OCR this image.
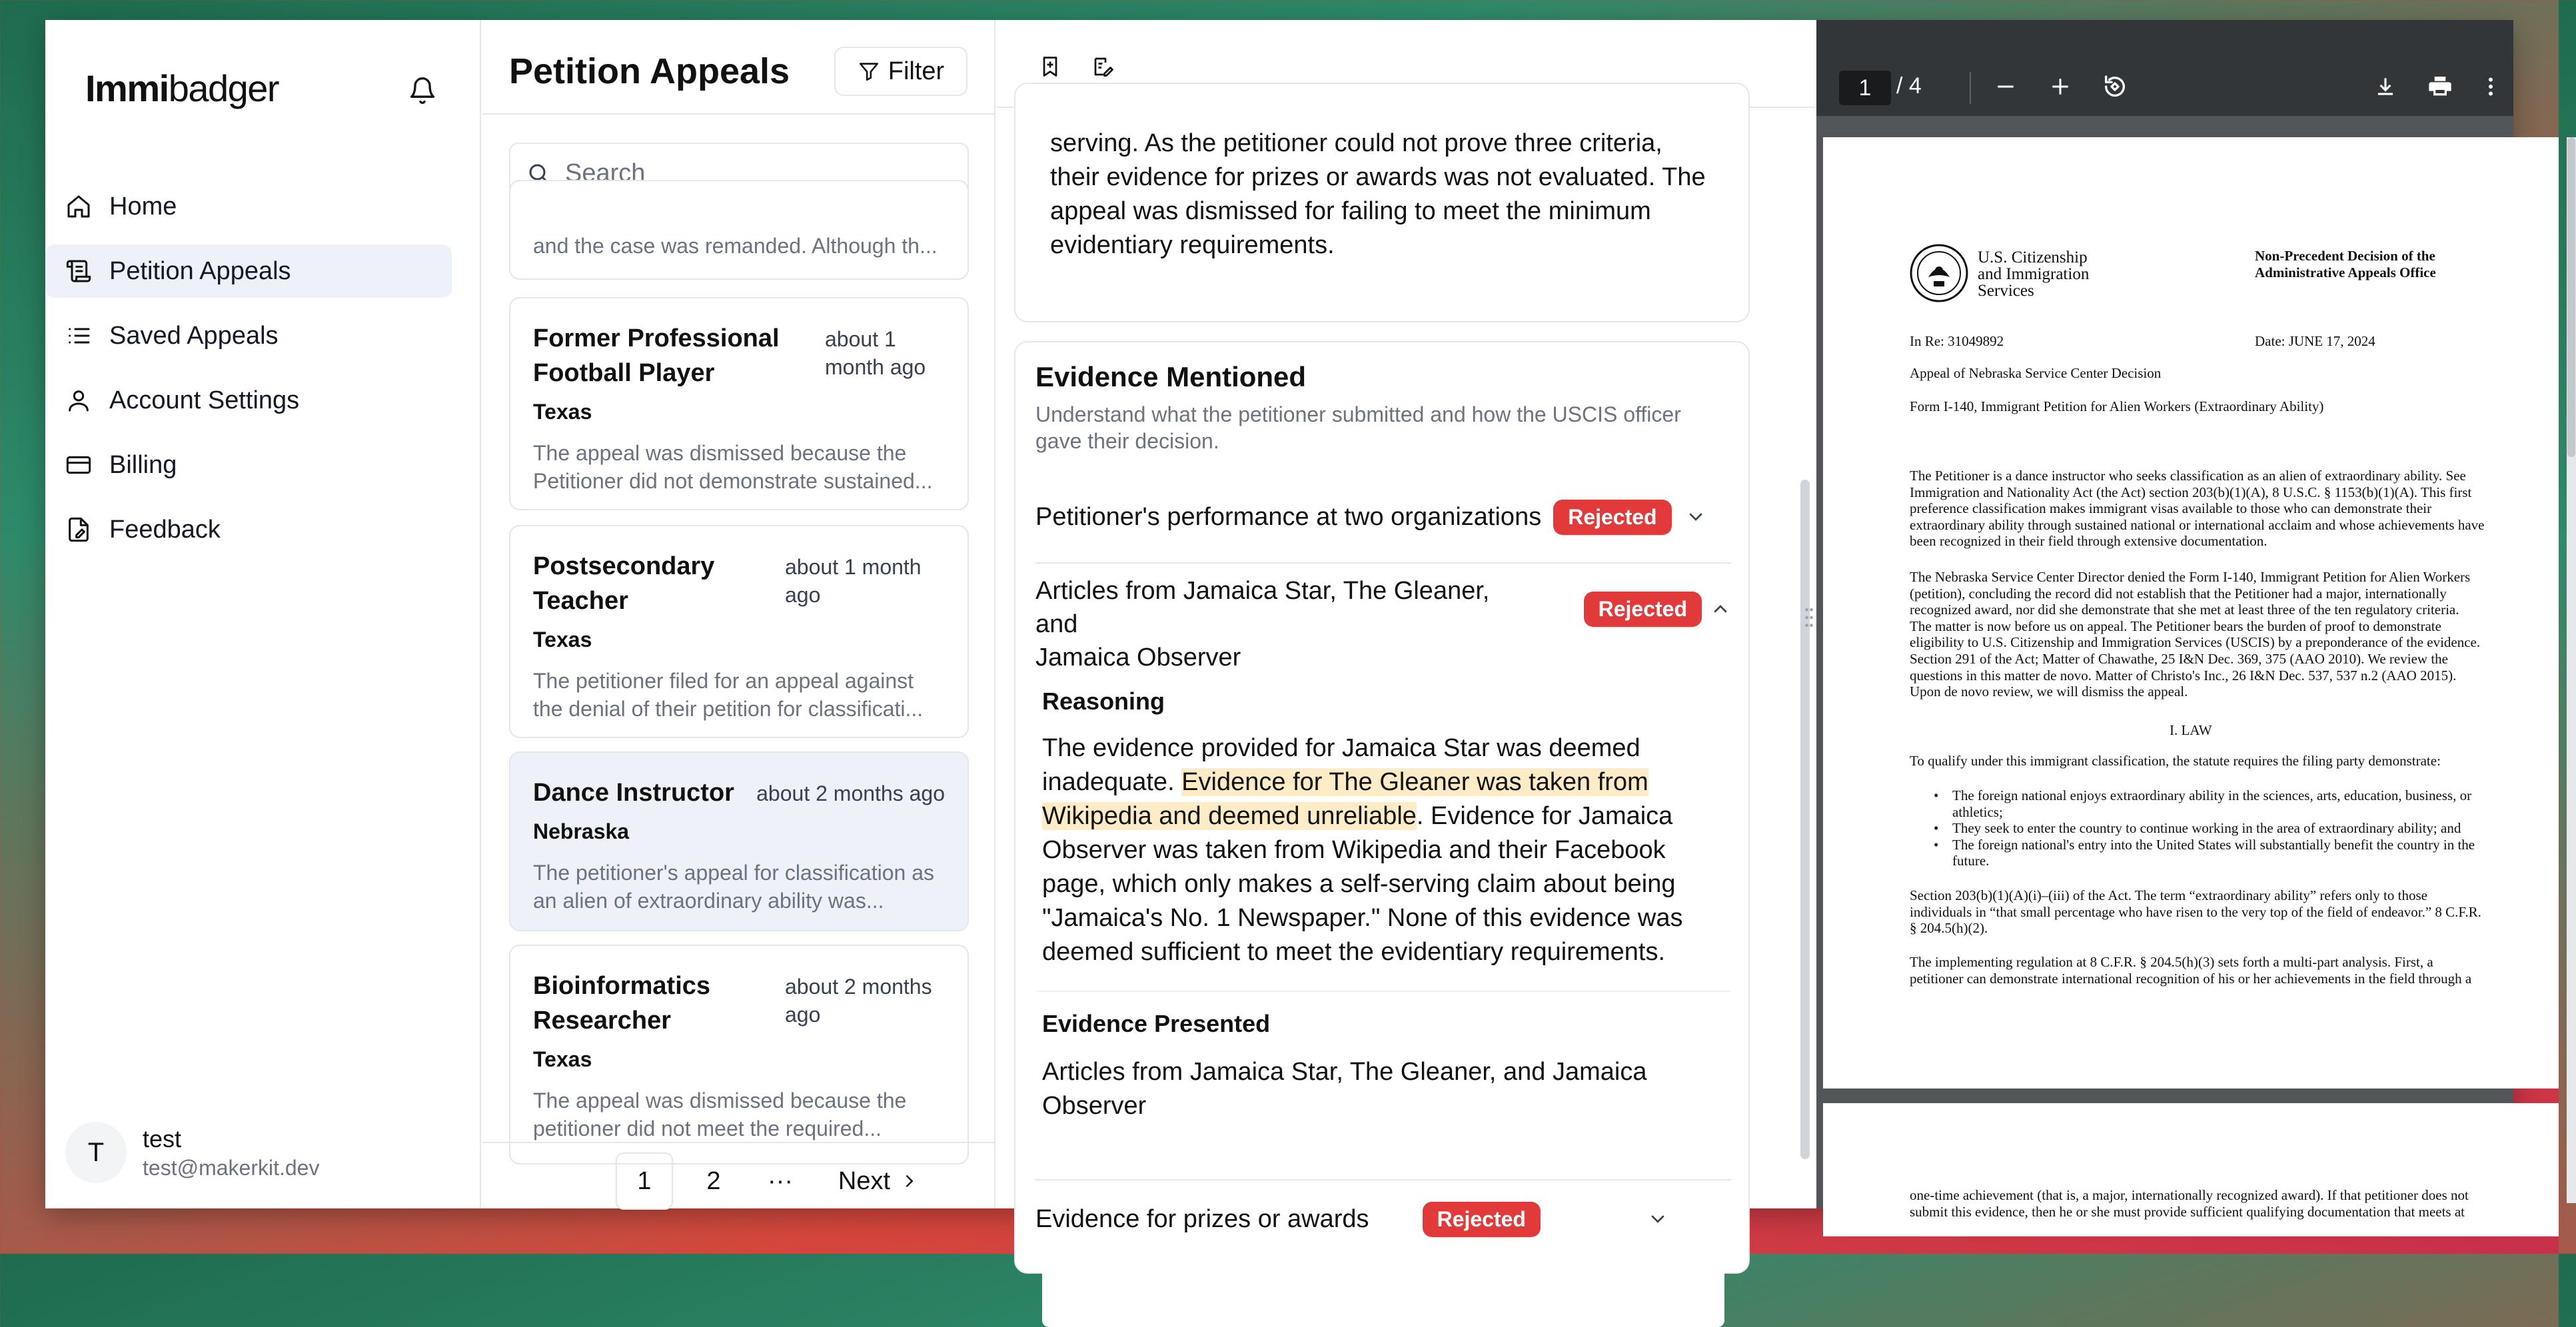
Immibadger
Home
Petition Appeals
Saved Appeals
Account Settings
Billing
Feedback
T	test
test@makerkit.dev
Petition Appeals	Filter
Search
and the case was remanded. Although th...
Former Professional Football Player
about 1 month ago
Texas
The appeal was dismissed because the Petitioner did not demonstrate sustained...
Postsecondary Teacher
about 1 month ago
Texas
The petitioner filed for an appeal against the denial of their petition for classificati...
Dance Instructor	about 2 months ago
Nebraska
The petitioner's appeal for classification as an alien of extraordinary ability was...
Bioinformatics Researcher
about 2 months ago
Texas
The appeal was dismissed because the petitioner did not meet the required...
1	2	···	Next
serving. As the petitioner could not prove three criteria,
their evidence for prizes or awards was not evaluated. The
appeal was dismissed for failing to meet the minimum
evidentiary requirements.
Evidence Mentioned
Understand what the petitioner submitted and how the USCIS officer
gave their decision.
Petitioner's performance at two organizations	Rejected
Articles from Jamaica Star, The Gleaner, and
Jamaica Observer
Rejected
Reasoning
The evidence provided for Jamaica Star was deemed
inadequate. Evidence for The Gleaner was taken from
Wikipedia and deemed unreliable. Evidence for Jamaica
Observer was taken from Wikipedia and their Facebook
page, which only makes a self-serving claim about being
"Jamaica's No. 1 Newspaper." None of this evidence was
deemed sufficient to meet the evidentiary requirements.
Evidence Presented
Articles from Jamaica Star, The Gleaner, and Jamaica
Observer
Evidence for prizes or awards	Rejected
1	/ 4
U.S. Citizenship
and Immigration
Services
Non-Precedent Decision of the
Administrative Appeals Office
In Re: 31049892	Date: JUNE 17, 2024
Appeal of Nebraska Service Center Decision
Form I-140, Immigrant Petition for Alien Workers (Extraordinary Ability)
The Petitioner is a dance instructor who seeks classification as an alien of extraordinary ability. See
Immigration and Nationality Act (the Act) section 203(b)(1)(A), 8 U.S.C. § 1153(b)(1)(A). This first
preference classification makes immigrant visas available to those who can demonstrate their
extraordinary ability through sustained national or international acclaim and whose achievements have
been recognized in their field through extensive documentation.
The Nebraska Service Center Director denied the Form I-140, Immigrant Petition for Alien Workers
(petition), concluding the record did not establish that the Petitioner had a major, internationally
recognized award, nor did she demonstrate that she met at least three of the ten regulatory criteria.
The matter is now before us on appeal. The Petitioner bears the burden of proof to demonstrate
eligibility to U.S. Citizenship and Immigration Services (USCIS) by a preponderance of the evidence.
Section 291 of the Act; Matter of Chawathe, 25 I&N Dec. 369, 375 (AAO 2010). We review the
questions in this matter de novo. Matter of Christo's Inc., 26 I&N Dec. 537, 537 n.2 (AAO 2015).
Upon de novo review, we will dismiss the appeal.
I. LAW
To qualify under this immigrant classification, the statute requires the filing party demonstrate:
• The foreign national enjoys extraordinary ability in the sciences, arts, education, business, or
athletics;
• They seek to enter the country to continue working in the area of extraordinary ability; and
• The foreign national's entry into the United States will substantially benefit the country in the
future.
Section 203(b)(1)(A)(i)–(iii) of the Act. The term “extraordinary ability” refers only to those
individuals in “that small percentage who have risen to the very top of the field of endeavor.” 8 C.F.R.
§ 204.5(h)(2).
The implementing regulation at 8 C.F.R. § 204.5(h)(3) sets forth a multi-part analysis. First, a
petitioner can demonstrate international recognition of his or her achievements in the field through a
one-time achievement (that is, a major, internationally recognized award). If that petitioner does not
submit this evidence, then he or she must provide sufficient qualifying documentation that meets at
